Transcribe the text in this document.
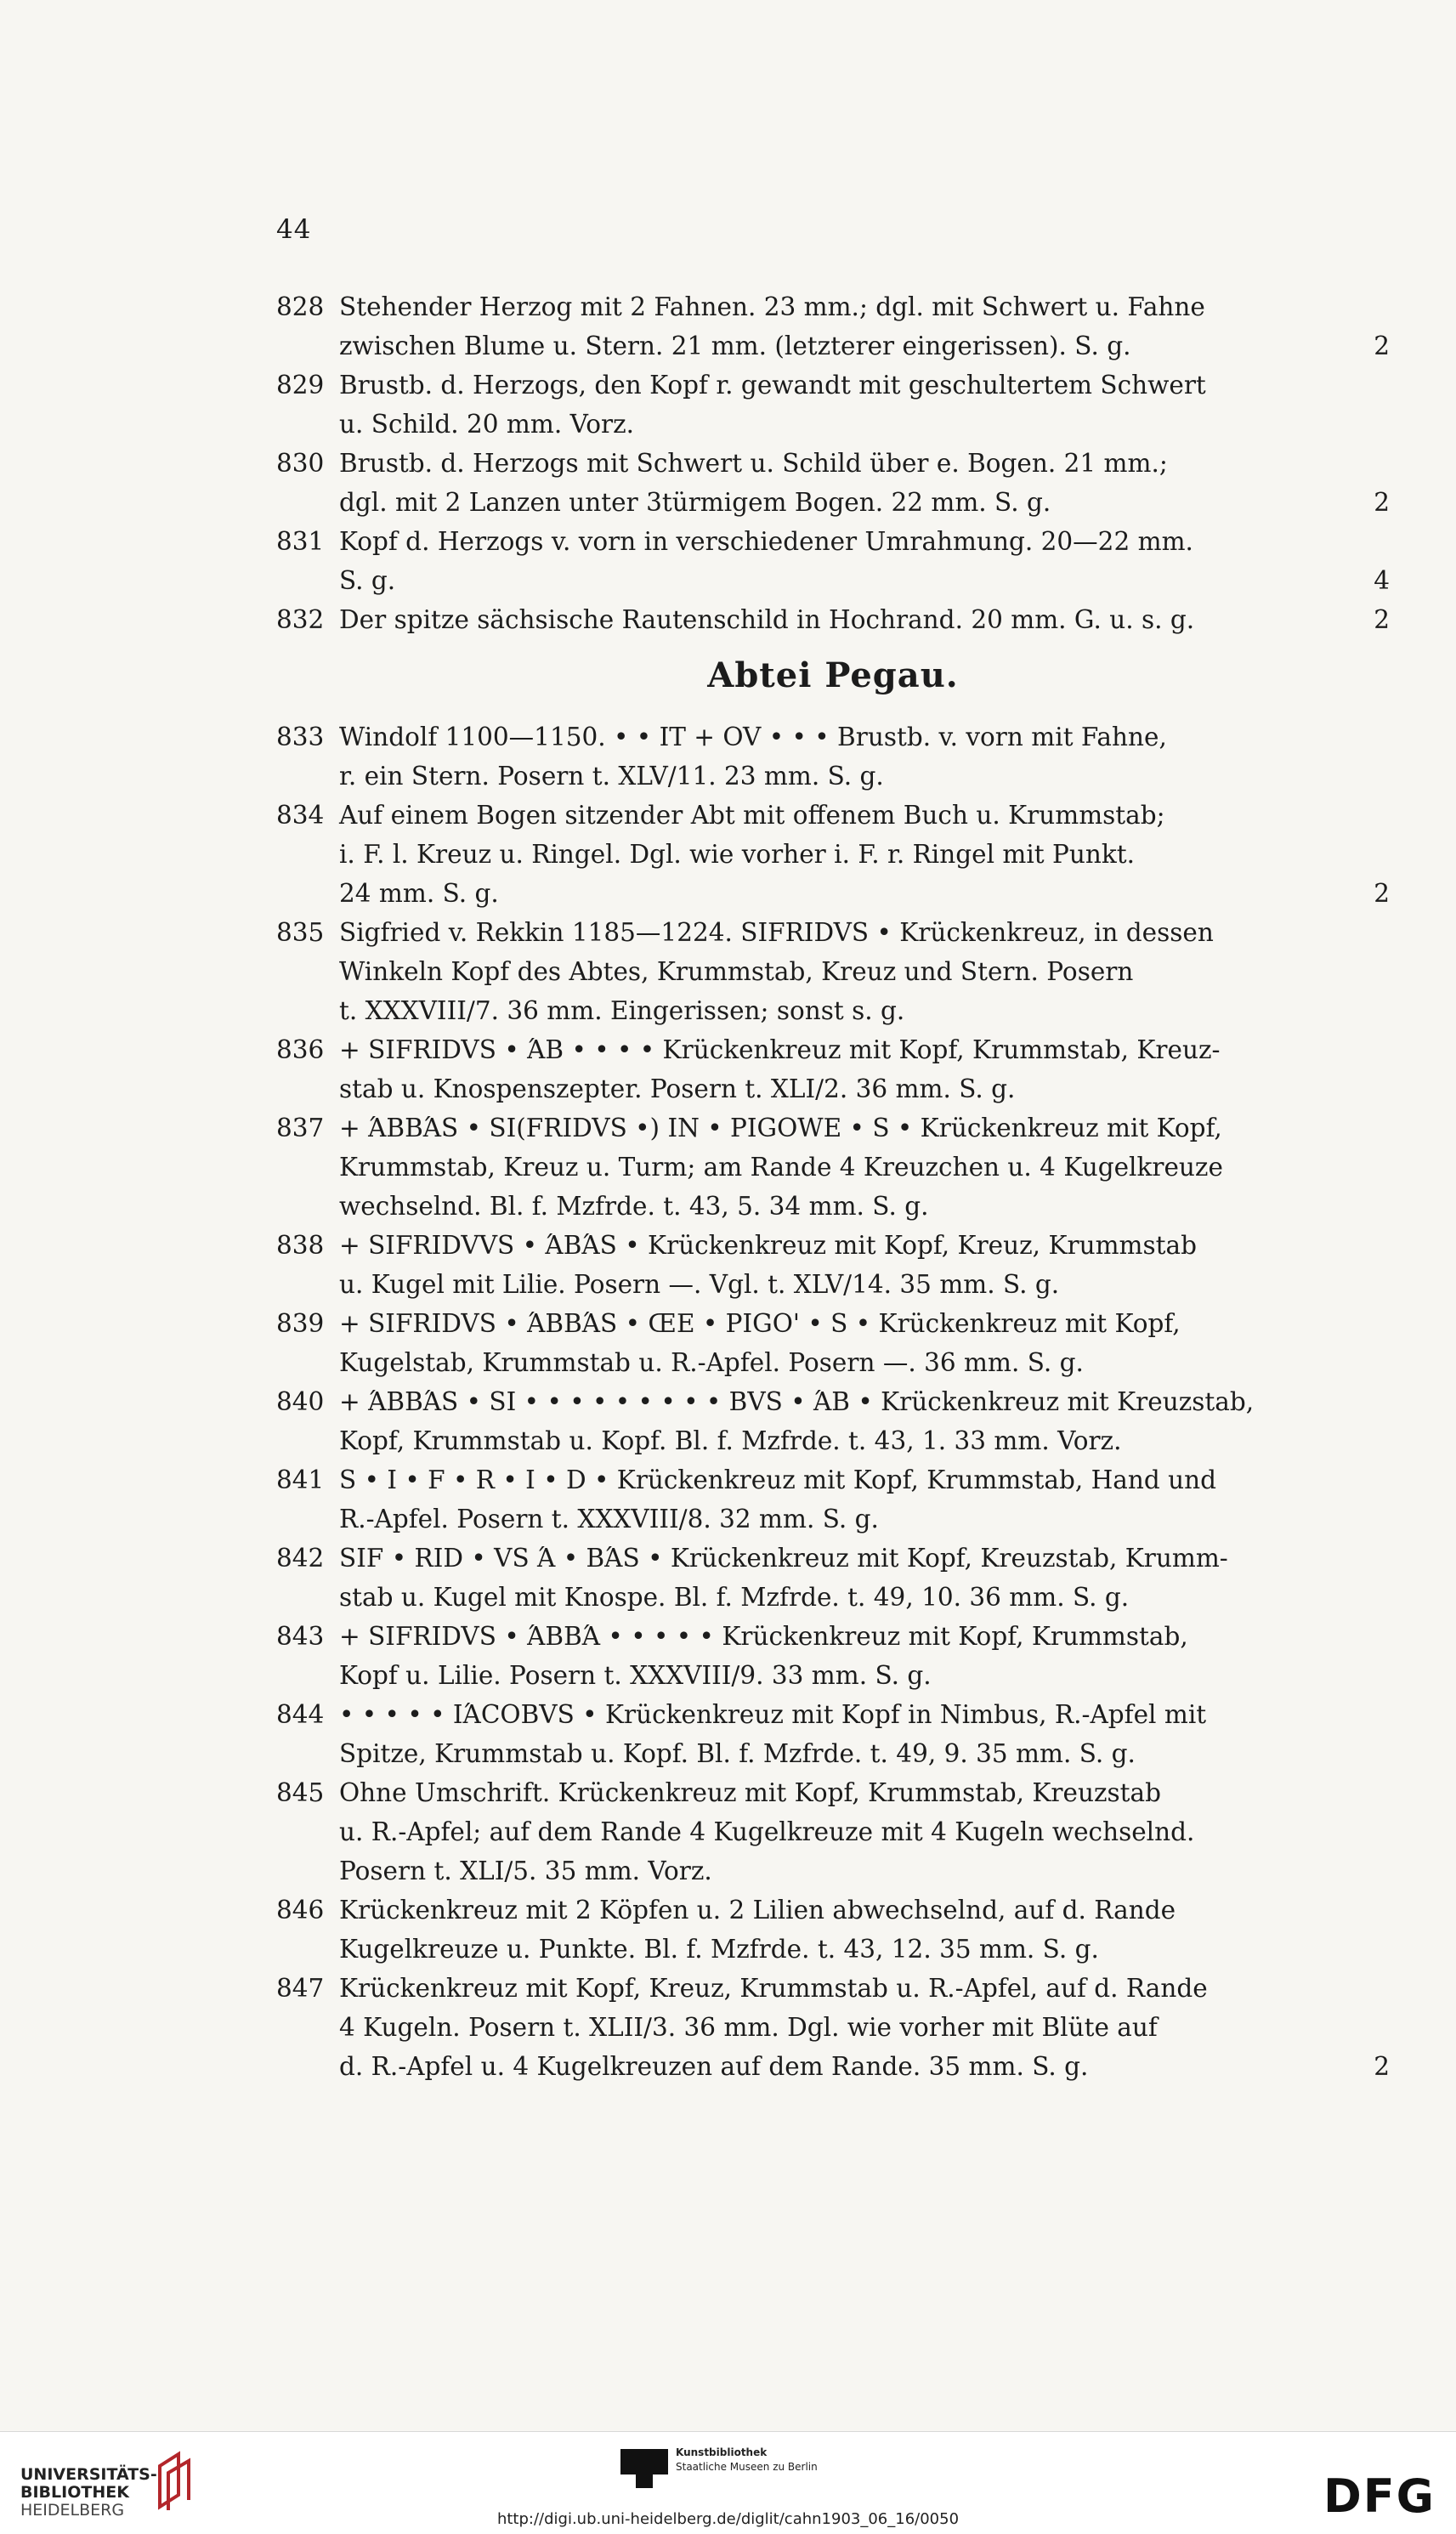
44
828 Stehender Herzog mit 2 Fahnen. 23 mm.; dgl. mit Schwert u. Fahne
zwischen Blume u. Stern. 21 mm. (letzterer eingerissen). S. g.	2
829 Brustb. d. Herzogs, den Kopf r. gewandt mit geschultertem Schwert
u. Schild. 20 mm. Vorz.
830 Brustb. d. Herzogs mit Schwert u. Schild über e. Bogen. 21 mm.;
dgl. mit 2 Lanzen unter 3türmigem Bogen. 22 mm. S. g.	2
831 Kopf d. Herzogs v. vorn in verschiedener Umrahmung. 20—22 mm.
S. g.	4
832 Der spitze sächsische Rautenschild in Hochrand. 20 mm. G. u. s. g.	2
Abtei Pegau.
833 Windolf 1100—1150. • • IT + OV • • • Brustb. v. vorn mit Fahne,
r. ein Stern. Posern t. XLV/11. 23 mm. S. g.
834 Auf einem Bogen sitzender Abt mit offenem Buch u. Krummstab;
i. F. l. Kreuz u. Ringel. Dgl. wie vorher i. F. r. Ringel mit Punkt.
24 mm. S. g.	2
835 Sigfried v. Rekkin 1185—1224. SIFRIDVS • Krückenkreuz, in dessen
Winkeln Kopf des Abtes, Krummstab, Kreuz und Stern. Posern
t. XXXVIII/7. 36 mm. Eingerissen; sonst s. g.
836 + SIFRIDVS • ΆB • • • • Krückenkreuz mit Kopf, Krummstab, Kreuz-
stab u. Knospenszepter. Posern t. XLI/2. 36 mm. S. g.
837 + ΆBBΆS • SI(FRIDVS •) IN • PIGOWE • S • Krückenkreuz mit Kopf,
Krummstab, Kreuz u. Turm; am Rande 4 Kreuzchen u. 4 Kugelkreuze
wechselnd. Bl. f. Mzfrde. t. 43, 5. 34 mm. S. g.
838 + SIFRIDVVS • ΆBΆS • Krückenkreuz mit Kopf, Kreuz, Krummstab
u. Kugel mit Lilie. Posern —. Vgl. t. XLV/14. 35 mm. S. g.
839 + SIFRIDVS • ΆBBΆS • ŒE • PIGO' • S • Krückenkreuz mit Kopf,
Kugelstab, Krummstab u. R.-Apfel. Posern —. 36 mm. S. g.
840 + ΆBBΆS • SI • • • • • • • • • BVS • ΆB • Krückenkreuz mit Kreuzstab,
Kopf, Krummstab u. Kopf. Bl. f. Mzfrde. t. 43, 1. 33 mm. Vorz.
841 S • I • F • R • I • D • Krückenkreuz mit Kopf, Krummstab, Hand und
R.-Apfel. Posern t. XXXVIII/8. 32 mm. S. g.
842 SIF • RID • VS Ά • BΆS • Krückenkreuz mit Kopf, Kreuzstab, Krumm-
stab u. Kugel mit Knospe. Bl. f. Mzfrde. t. 49, 10. 36 mm. S. g.
843 + SIFRIDVS • ΆBBΆ • • • • • Krückenkreuz mit Kopf, Krummstab,
Kopf u. Lilie. Posern t. XXXVIII/9. 33 mm. S. g.
844 • • • • • IΆCOBVS • Krückenkreuz mit Kopf in Nimbus, R.-Apfel mit
Spitze, Krummstab u. Kopf. Bl. f. Mzfrde. t. 49, 9. 35 mm. S. g.
845 Ohne Umschrift. Krückenkreuz mit Kopf, Krummstab, Kreuzstab
u. R.-Apfel; auf dem Rande 4 Kugelkreuze mit 4 Kugeln wechselnd.
Posern t. XLI/5. 35 mm. Vorz.
846 Krückenkreuz mit 2 Köpfen u. 2 Lilien abwechselnd, auf d. Rande
Kugelkreuze u. Punkte. Bl. f. Mzfrde. t. 43, 12. 35 mm. S. g.
847 Krückenkreuz mit Kopf, Kreuz, Krummstab u. R.-Apfel, auf d. Rande
4 Kugeln. Posern t. XLII/3. 36 mm. Dgl. wie vorher mit Blüte auf
d. R.-Apfel u. 4 Kugelkreuzen auf dem Rande. 35 mm. S. g.	2
UNIVERSITÄTS-
BIBLIOTHEK
HEIDELBERG
Kunstbibliothek
Staatliche Museen zu Berlin
DFG
http://digi.ub.uni-heidelberg.de/diglit/cahn1903_06_16/0050
